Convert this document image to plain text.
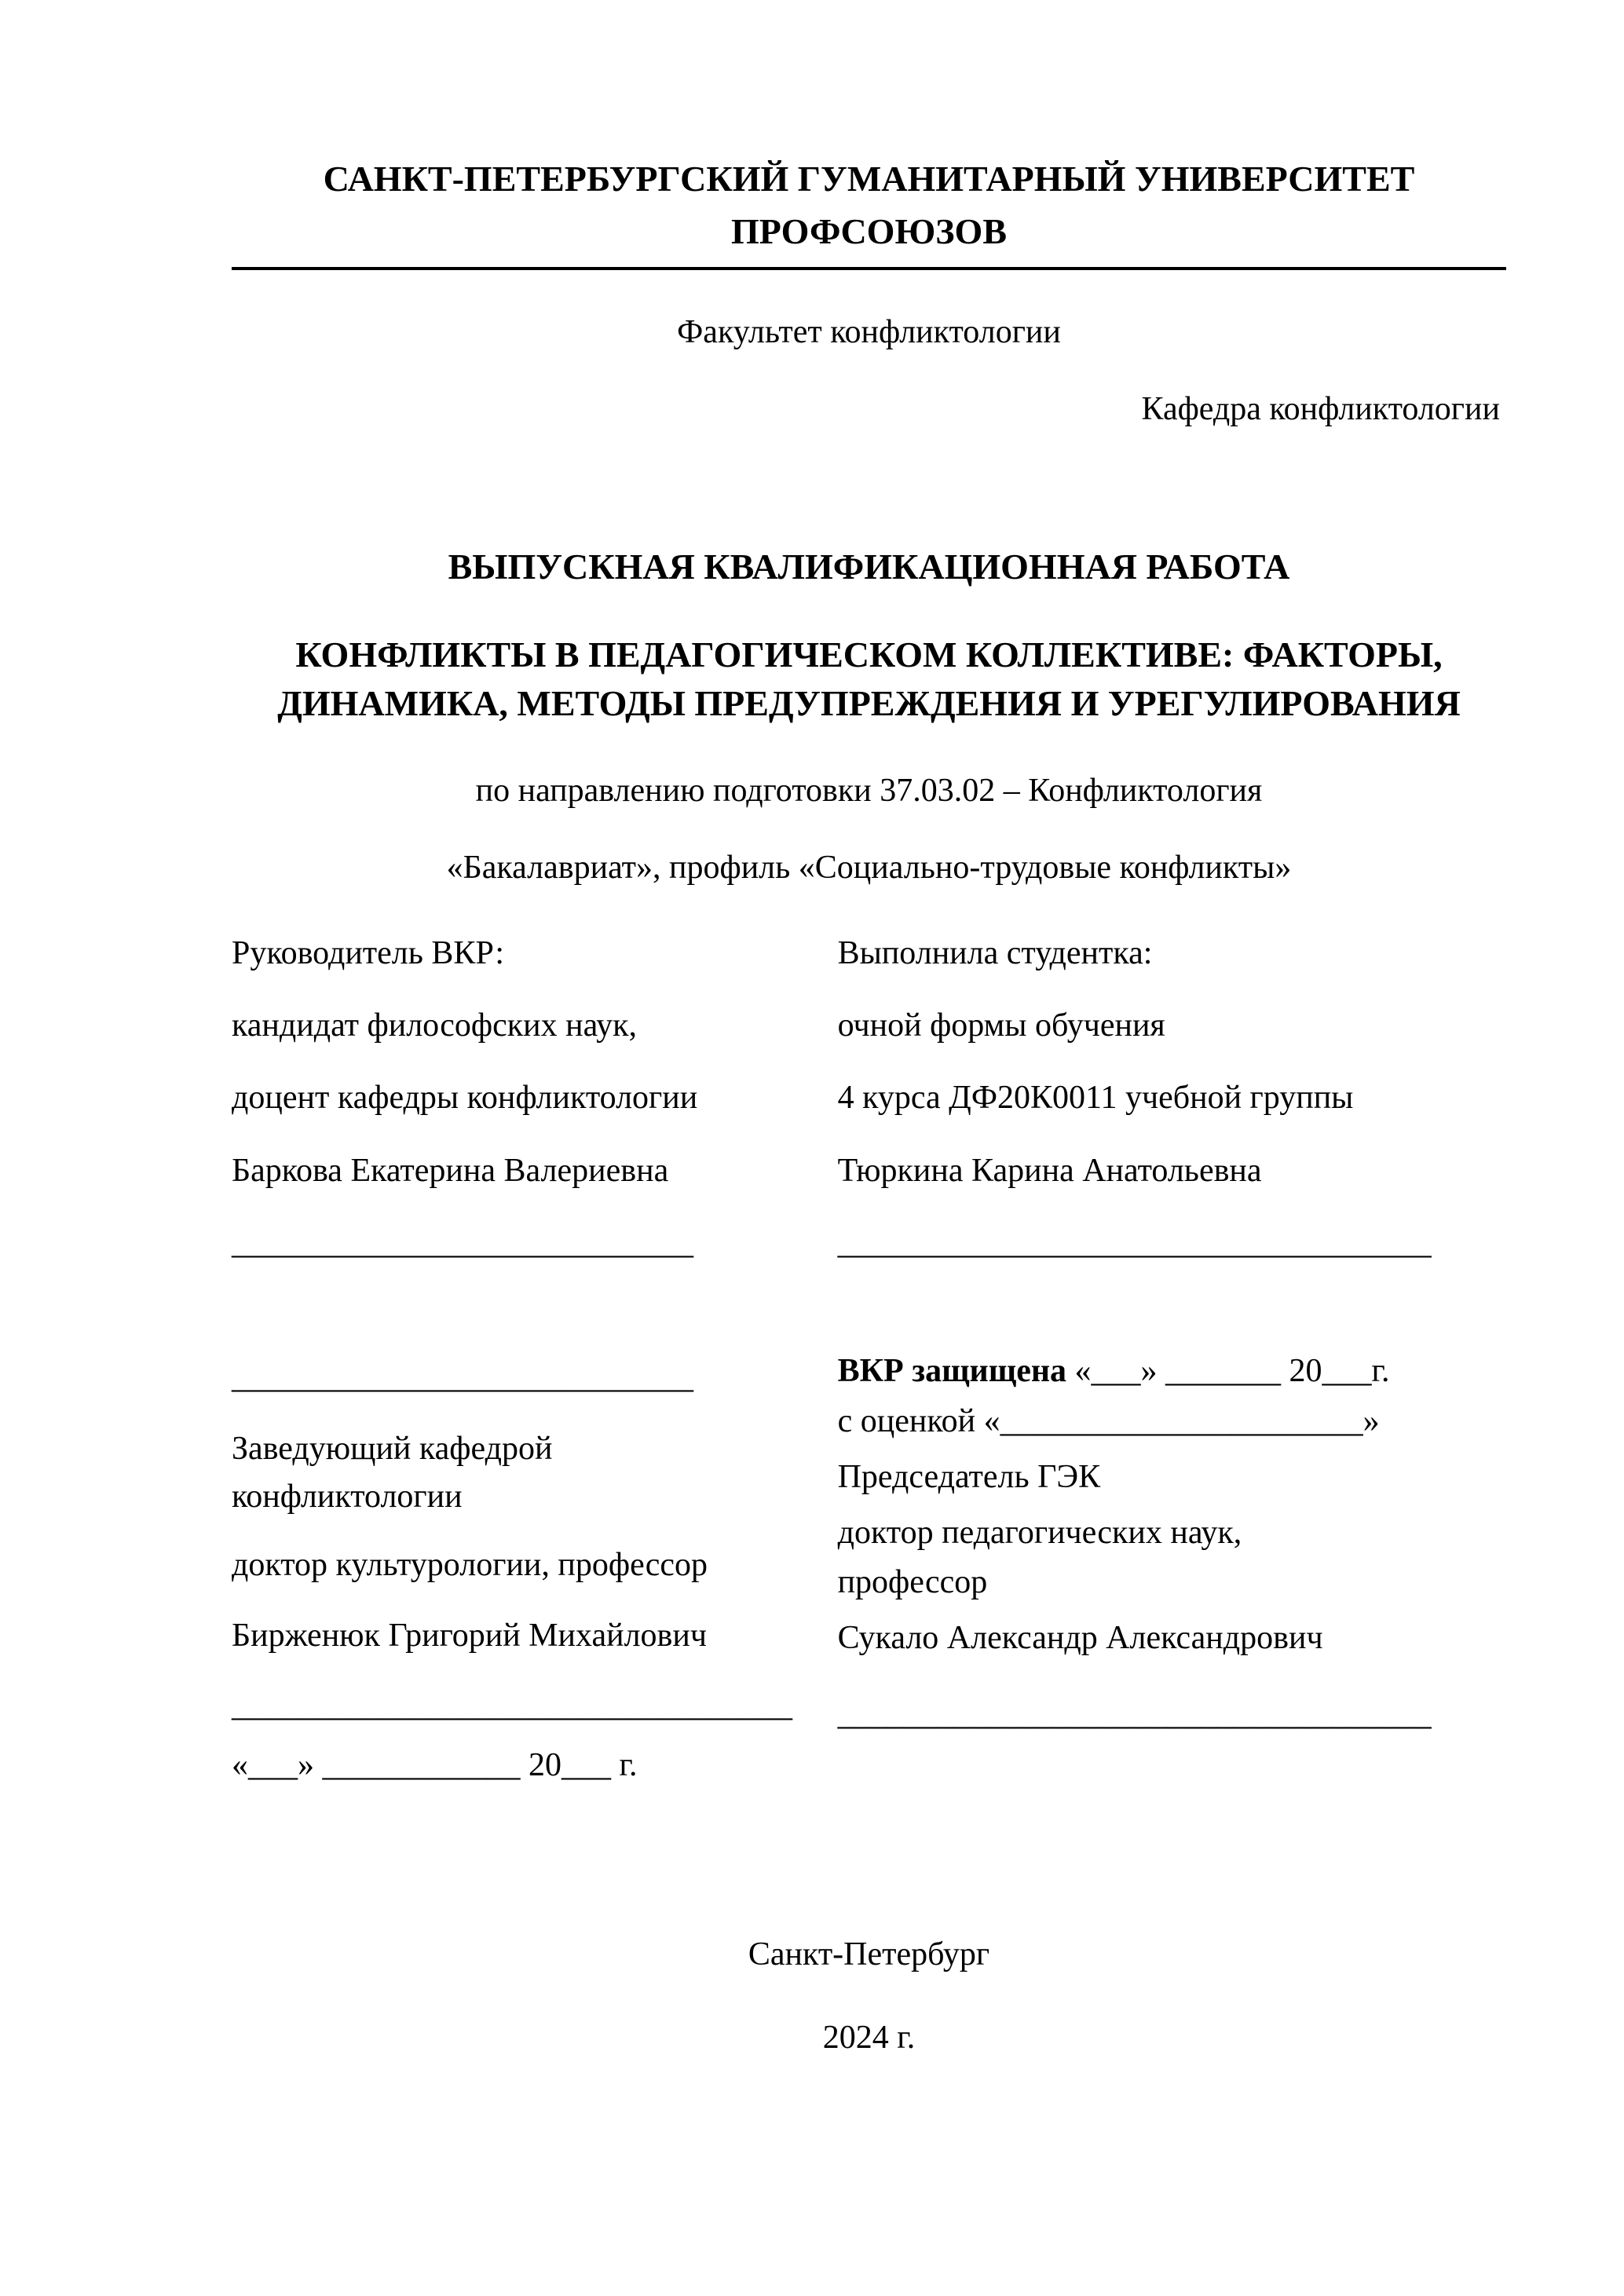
САНКТ-ПЕТЕРБУРГСКИЙ ГУМАНИТАРНЫЙ УНИВЕРСИТЕТ ПРОФСОЮЗОВ

Факультет конфликтологии

Кафедра конфликтологии

ВЫПУСКНАЯ КВАЛИФИКАЦИОННАЯ РАБОТА

КОНФЛИКТЫ В ПЕДАГОГИЧЕСКОМ КОЛЛЕКТИВЕ: ФАКТОРЫ, ДИНАМИКА, МЕТОДЫ ПРЕДУПРЕЖДЕНИЯ И УРЕГУЛИРОВАНИЯ

по направлению подготовки 37.03.02 – Конфликтология

«Бакалавриат», профиль «Социально-трудовые конфликты»

Руководитель ВКР:

кандидат философских наук,

доцент кафедры конфликтологии

Баркова Екатерина Валериевна

____________________________

____________________________

Заведующий кафедрой конфликтологии

доктор культурологии, профессор

Бирженюк Григорий Михайлович

__________________________________

«___» ____________ 20___ г.

Выполнила студентка:

очной формы обучения

4 курса ДФ20К0011 учебной группы

Тюркина Карина Анатольевна

____________________________________

ВКР защищена «___» _______ 20___г.

с оценкой «______________________»

Председатель ГЭК

доктор педагогических наук, профессор

Сукало Александр Александрович

____________________________________

Санкт-Петербург

2024 г.
